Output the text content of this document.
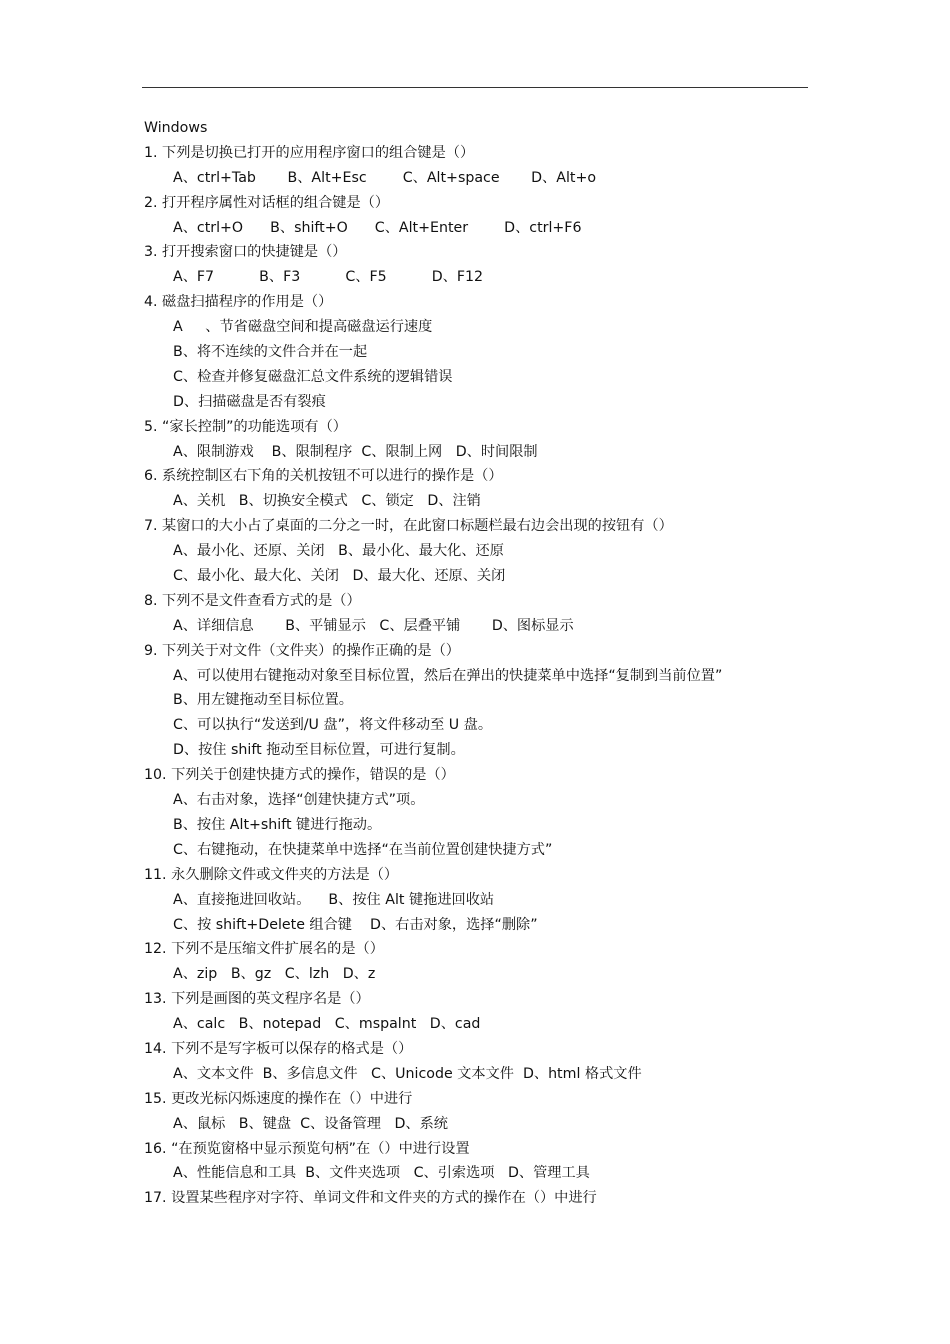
Windows
1. 下列是切换已打开的应用程序窗口的组合键是（）
A、ctrl+Tab       B、Alt+Esc        C、Alt+space       D、Alt+o
2. 打开程序属性对话框的组合键是（）
A、ctrl+O      B、shift+O      C、Alt+Enter        D、ctrl+F6
3. 打开搜索窗口的快捷键是（）
A、F7          B、F3          C、F5          D、F12
4. 磁盘扫描程序的作用是（）
A     、节省磁盘空间和提高磁盘运行速度
B、将不连续的文件合并在一起
C、检查并修复磁盘汇总文件系统的逻辑错误
D、扫描磁盘是否有裂痕
5. “家长控制”的功能选项有（）
A、限制游戏    B、限制程序  C、限制上网   D、时间限制
6. 系统控制区右下角的关机按钮不可以进行的操作是（）
A、关机   B、切换安全模式   C、锁定   D、注销
7. 某窗口的大小占了桌面的二分之一时，在此窗口标题栏最右边会出现的按钮有（）
A、最小化、还原、关闭   B、最小化、最大化、还原
C、最小化、最大化、关闭   D、最大化、还原、关闭
8. 下列不是文件查看方式的是（）
A、详细信息       B、平铺显示   C、层叠平铺       D、图标显示
9. 下列关于对文件（文件夹）的操作正确的是（）
A、可以使用右键拖动对象至目标位置，然后在弹出的快捷菜单中选择“复制到当前位置”
B、用左键拖动至目标位置。
C、可以执行“发送到/U 盘”，将文件移动至 U 盘。
D、按住 shift 拖动至目标位置，可进行复制。
10. 下列关于创建快捷方式的操作，错误的是（）
A、右击对象，选择“创建快捷方式”项。
B、按住 Alt+shift 键进行拖动。
C、右键拖动，在快捷菜单中选择“在当前位置创建快捷方式”
11. 永久删除文件或文件夹的方法是（）
A、直接拖进回收站。    B、按住 Alt 键拖进回收站
C、按 shift+Delete 组合键    D、右击对象，选择“删除”
12. 下列不是压缩文件扩展名的是（）
A、zip   B、gz   C、lzh   D、z
13. 下列是画图的英文程序名是（）
A、calc   B、notepad   C、mspalnt   D、cad
14. 下列不是写字板可以保存的格式是（）
A、文本文件  B、多信息文件   C、Unicode 文本文件  D、html 格式文件
15. 更改光标闪烁速度的操作在（）中进行
A、鼠标   B、键盘  C、设备管理   D、系统
16. “在预览窗格中显示预览句柄”在（）中进行设置
A、性能信息和工具  B、文件夹选项   C、引索选项   D、管理工具
17. 设置某些程序对字符、单词文件和文件夹的方式的操作在（）中进行
